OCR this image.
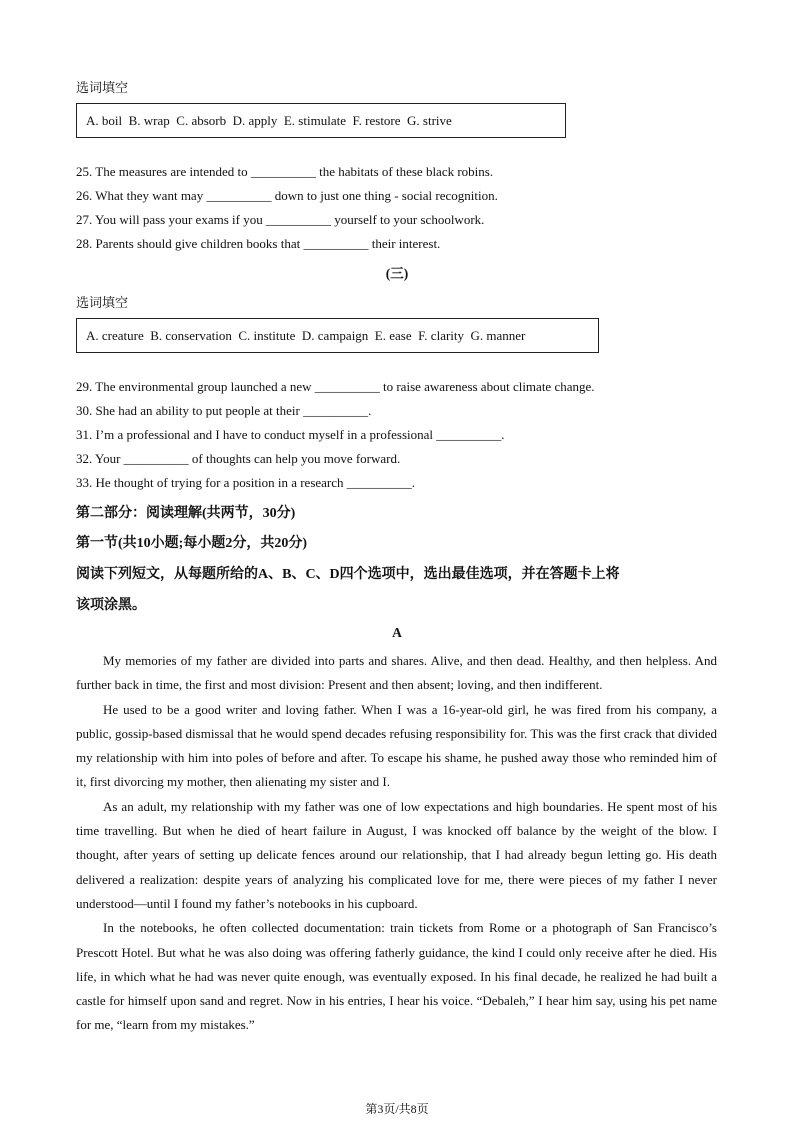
选词填空
A. boil  B. wrap  C. absorb  D. apply  E. stimulate  F. restore  G. strive
25. The measures are intended to __________ the habitats of these black robins.
26. What they want may __________ down to just one thing - social recognition.
27. You will pass your exams if you __________ yourself to your schoolwork.
28. Parents should give children books that __________ their interest.
(三)
选词填空
A. creature  B. conservation  C. institute  D. campaign  E. ease  F. clarity  G. manner
29. The environmental group launched a new __________ to raise awareness about climate change.
30. She had an ability to put people at their __________.
31. I’m a professional and I have to conduct myself in a professional __________.
32. Your __________ of thoughts can help you move forward.
33. He thought of trying for a position in a research __________.
第二部分：阅读理解(共两节，30分)
第一节(共10小题;每小题2分，共20分)
阅读下列短文，从每题所给的A、B、C、D四个选项中，选出最佳选项，并在答题卡上将
该项涂黑。
A

My memories of my father are divided into parts and shares. Alive, and then dead. Healthy, and then helpless. And further back in time, the first and most division: Present and then absent; loving, and then indifferent.

He used to be a good writer and loving father. When I was a 16-year-old girl, he was fired from his company, a public, gossip-based dismissal that he would spend decades refusing responsibility for. This was the first crack that divided my relationship with him into poles of before and after. To escape his shame, he pushed away those who reminded him of it, first divorcing my mother, then alienating my sister and I.

As an adult, my relationship with my father was one of low expectations and high boundaries. He spent most of his time travelling. But when he died of heart failure in August, I was knocked off balance by the weight of the blow. I thought, after years of setting up delicate fences around our relationship, that I had already begun letting go. His death delivered a realization: despite years of analyzing his complicated love for me, there were pieces of my father I never understood—until I found my father’s notebooks in his cupboard.

In the notebooks, he often collected documentation: train tickets from Rome or a photograph of San Francisco’s Prescott Hotel. But what he was also doing was offering fatherly guidance, the kind I could only receive after he died. His life, in which what he had was never quite enough, was eventually exposed. In his final decade, he realized he had built a castle for himself upon sand and regret. Now in his entries, I hear his voice. “Debaleh,” I hear him say, using his pet name for me, “learn from my mistakes.”

第3页/共8页
